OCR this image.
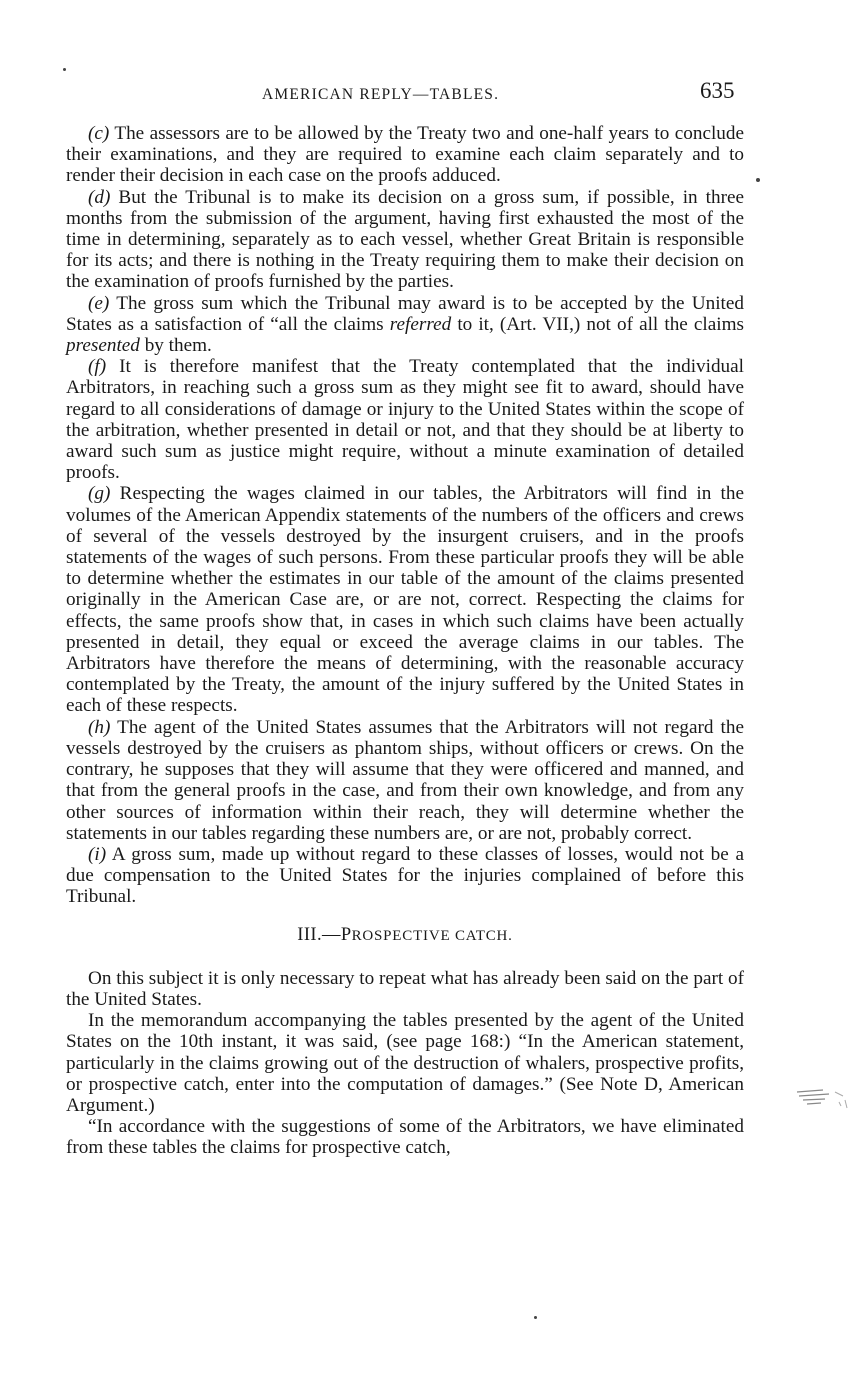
AMERICAN REPLY—TABLES.	635

(c) The assessors are to be allowed by the Treaty two and one-half years to conclude their examinations, and they are required to examine each claim separately and to render their decision in each case on the proofs adduced.

(d) But the Tribunal is to make its decision on a gross sum, if possible, in three months from the submission of the argument, having first exhausted the most of the time in determining, separately as to each vessel, whether Great Britain is responsible for its acts; and there is nothing in the Treaty requiring them to make their decision on the examination of proofs furnished by the parties.

(e) The gross sum which the Tribunal may award is to be accepted by the United States as a satisfaction of “all the claims referred to it, (Art. VII,) not of all the claims presented by them.

(f) It is therefore manifest that the Treaty contemplated that the individual Arbitrators, in reaching such a gross sum as they might see fit to award, should have regard to all considerations of damage or injury to the United States within the scope of the arbitration, whether presented in detail or not, and that they should be at liberty to award such sum as justice might require, without a minute examination of detailed proofs.

(g) Respecting the wages claimed in our tables, the Arbitrators will find in the volumes of the American Appendix statements of the numbers of the officers and crews of several of the vessels destroyed by the insurgent cruisers, and in the proofs statements of the wages of such persons. From these particular proofs they will be able to determine whether the estimates in our table of the amount of the claims presented originally in the American Case are, or are not, correct. Respecting the claims for effects, the same proofs show that, in cases in which such claims have been actually presented in detail, they equal or exceed the average claims in our tables. The Arbitrators have therefore the means of determining, with the reasonable accuracy contemplated by the Treaty, the amount of the injury suffered by the United States in each of these respects.

(h) The agent of the United States assumes that the Arbitrators will not regard the vessels destroyed by the cruisers as phantom ships, without officers or crews. On the contrary, he supposes that they will assume that they were officered and manned, and that from the general proofs in the case, and from their own knowledge, and from any other sources of information within their reach, they will determine whether the statements in our tables regarding these numbers are, or are not, probably correct.

(i) A gross sum, made up without regard to these classes of losses, would not be a due compensation to the United States for the injuries complained of before this Tribunal.

III.—PROSPECTIVE CATCH.

On this subject it is only necessary to repeat what has already been said on the part of the United States.

In the memorandum accompanying the tables presented by the agent of the United States on the 10th instant, it was said, (see page 168:) “In the American statement, particularly in the claims growing out of the destruction of whalers, prospective profits, or prospective catch, enter into the computation of damages.” (See Note D, American Argument.)

“In accordance with the suggestions of some of the Arbitrators, we have eliminated from these tables the claims for prospective catch,
